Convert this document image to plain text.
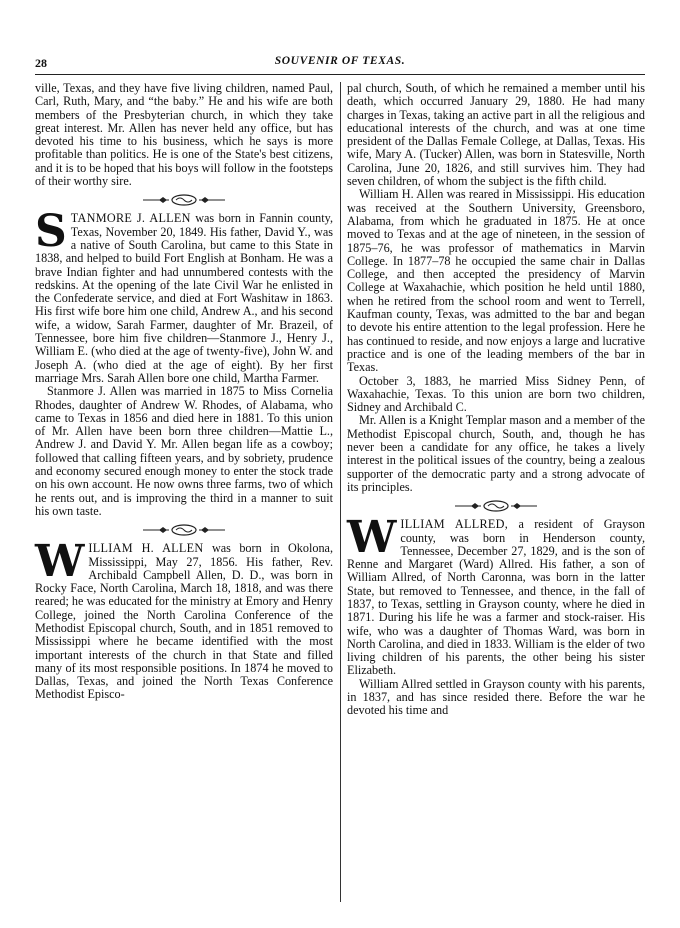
28	SOUVENIR OF TEXAS.

ville, Texas, and they have five living children, named Paul, Carl, Ruth, Mary, and “the baby.” He and his wife are both members of the Presbyterian church, in which they take great interest. Mr. Allen has never held any office, but has devoted his time to his business, which he says is more profitable than politics. He is one of the State's best citizens, and it is to be hoped that his boys will follow in the footsteps of their worthy sire.

STANMORE J. ALLEN was born in Fannin county, Texas, November 20, 1849. His father, David Y., was a native of South Carolina, but came to this State in 1838, and helped to build Fort English at Bonham. He was a brave Indian fighter and had unnumbered contests with the redskins. At the opening of the late Civil War he enlisted in the Confederate service, and died at Fort Washitaw in 1863. His first wife bore him one child, Andrew A., and his second wife, a widow, Sarah Farmer, daughter of Mr. Brazeil, of Tennessee, bore him five children—Stanmore J., Henry J., William E. (who died at the age of twenty-five), John W. and Joseph A. (who died at the age of eight). By her first marriage Mrs. Sarah Allen bore one child, Martha Farmer.

Stanmore J. Allen was married in 1875 to Miss Cornelia Rhodes, daughter of Andrew W. Rhodes, of Alabama, who came to Texas in 1856 and died here in 1881. To this union of Mr. Allen have been born three children—Mattie L., Andrew J. and David Y. Mr. Allen began life as a cowboy; followed that calling fifteen years, and by sobriety, prudence and economy secured enough money to enter the stock trade on his own account. He now owns three farms, two of which he rents out, and is improving the third in a manner to suit his own taste.

WILLIAM H. ALLEN was born in Okolona, Mississippi, May 27, 1856. His father, Rev. Archibald Campbell Allen, D. D., was born in Rocky Face, North Carolina, March 18, 1818, and was there reared; he was educated for the ministry at Emory and Henry College, joined the North Carolina Conference of the Methodist Episcopal church, South, and in 1851 removed to Mississippi where he became identified with the most important interests of the church in that State and filled many of its most responsible positions. In 1874 he moved to Dallas, Texas, and joined the North Texas Conference Methodist Episco-

pal church, South, of which he remained a member until his death, which occurred January 29, 1880. He had many charges in Texas, taking an active part in all the religious and educational interests of the church, and was at one time president of the Dallas Female College, at Dallas, Texas. His wife, Mary A. (Tucker) Allen, was born in Statesville, North Carolina, June 20, 1826, and still survives him. They had seven children, of whom the subject is the fifth child.

William H. Allen was reared in Mississippi. His education was received at the Southern University, Greensboro, Alabama, from which he graduated in 1875. He at once moved to Texas and at the age of nineteen, in the session of 1875–76, he was professor of mathematics in Marvin College. In 1877–78 he occupied the same chair in Dallas College, and then accepted the presidency of Marvin College at Waxahachie, which position he held until 1880, when he retired from the school room and went to Terrell, Kaufman county, Texas, was admitted to the bar and began to devote his entire attention to the legal profession. Here he has continued to reside, and now enjoys a large and lucrative practice and is one of the leading members of the bar in Texas.

October 3, 1883, he married Miss Sidney Penn, of Waxahachie, Texas. To this union are born two children, Sidney and Archibald C.

Mr. Allen is a Knight Templar mason and a member of the Methodist Episcopal church, South, and, though he has never been a candidate for any office, he takes a lively interest in the political issues of the country, being a zealous supporter of the democratic party and a strong advocate of its principles.

WILLIAM ALLRED, a resident of Grayson county, was born in Henderson county, Tennessee, December 27, 1829, and is the son of Renne and Margaret (Ward) Allred. His father, a son of William Allred, of North Caronna, was born in the latter State, but removed to Tennessee, and thence, in the fall of 1837, to Texas, settling in Grayson county, where he died in 1871. During his life he was a farmer and stock-raiser. His wife, who was a daughter of Thomas Ward, was born in North Carolina, and died in 1833. William is the elder of two living children of his parents, the other being his sister Elizabeth.

William Allred settled in Grayson county with his parents, in 1837, and has since resided there. Before the war he devoted his time and
